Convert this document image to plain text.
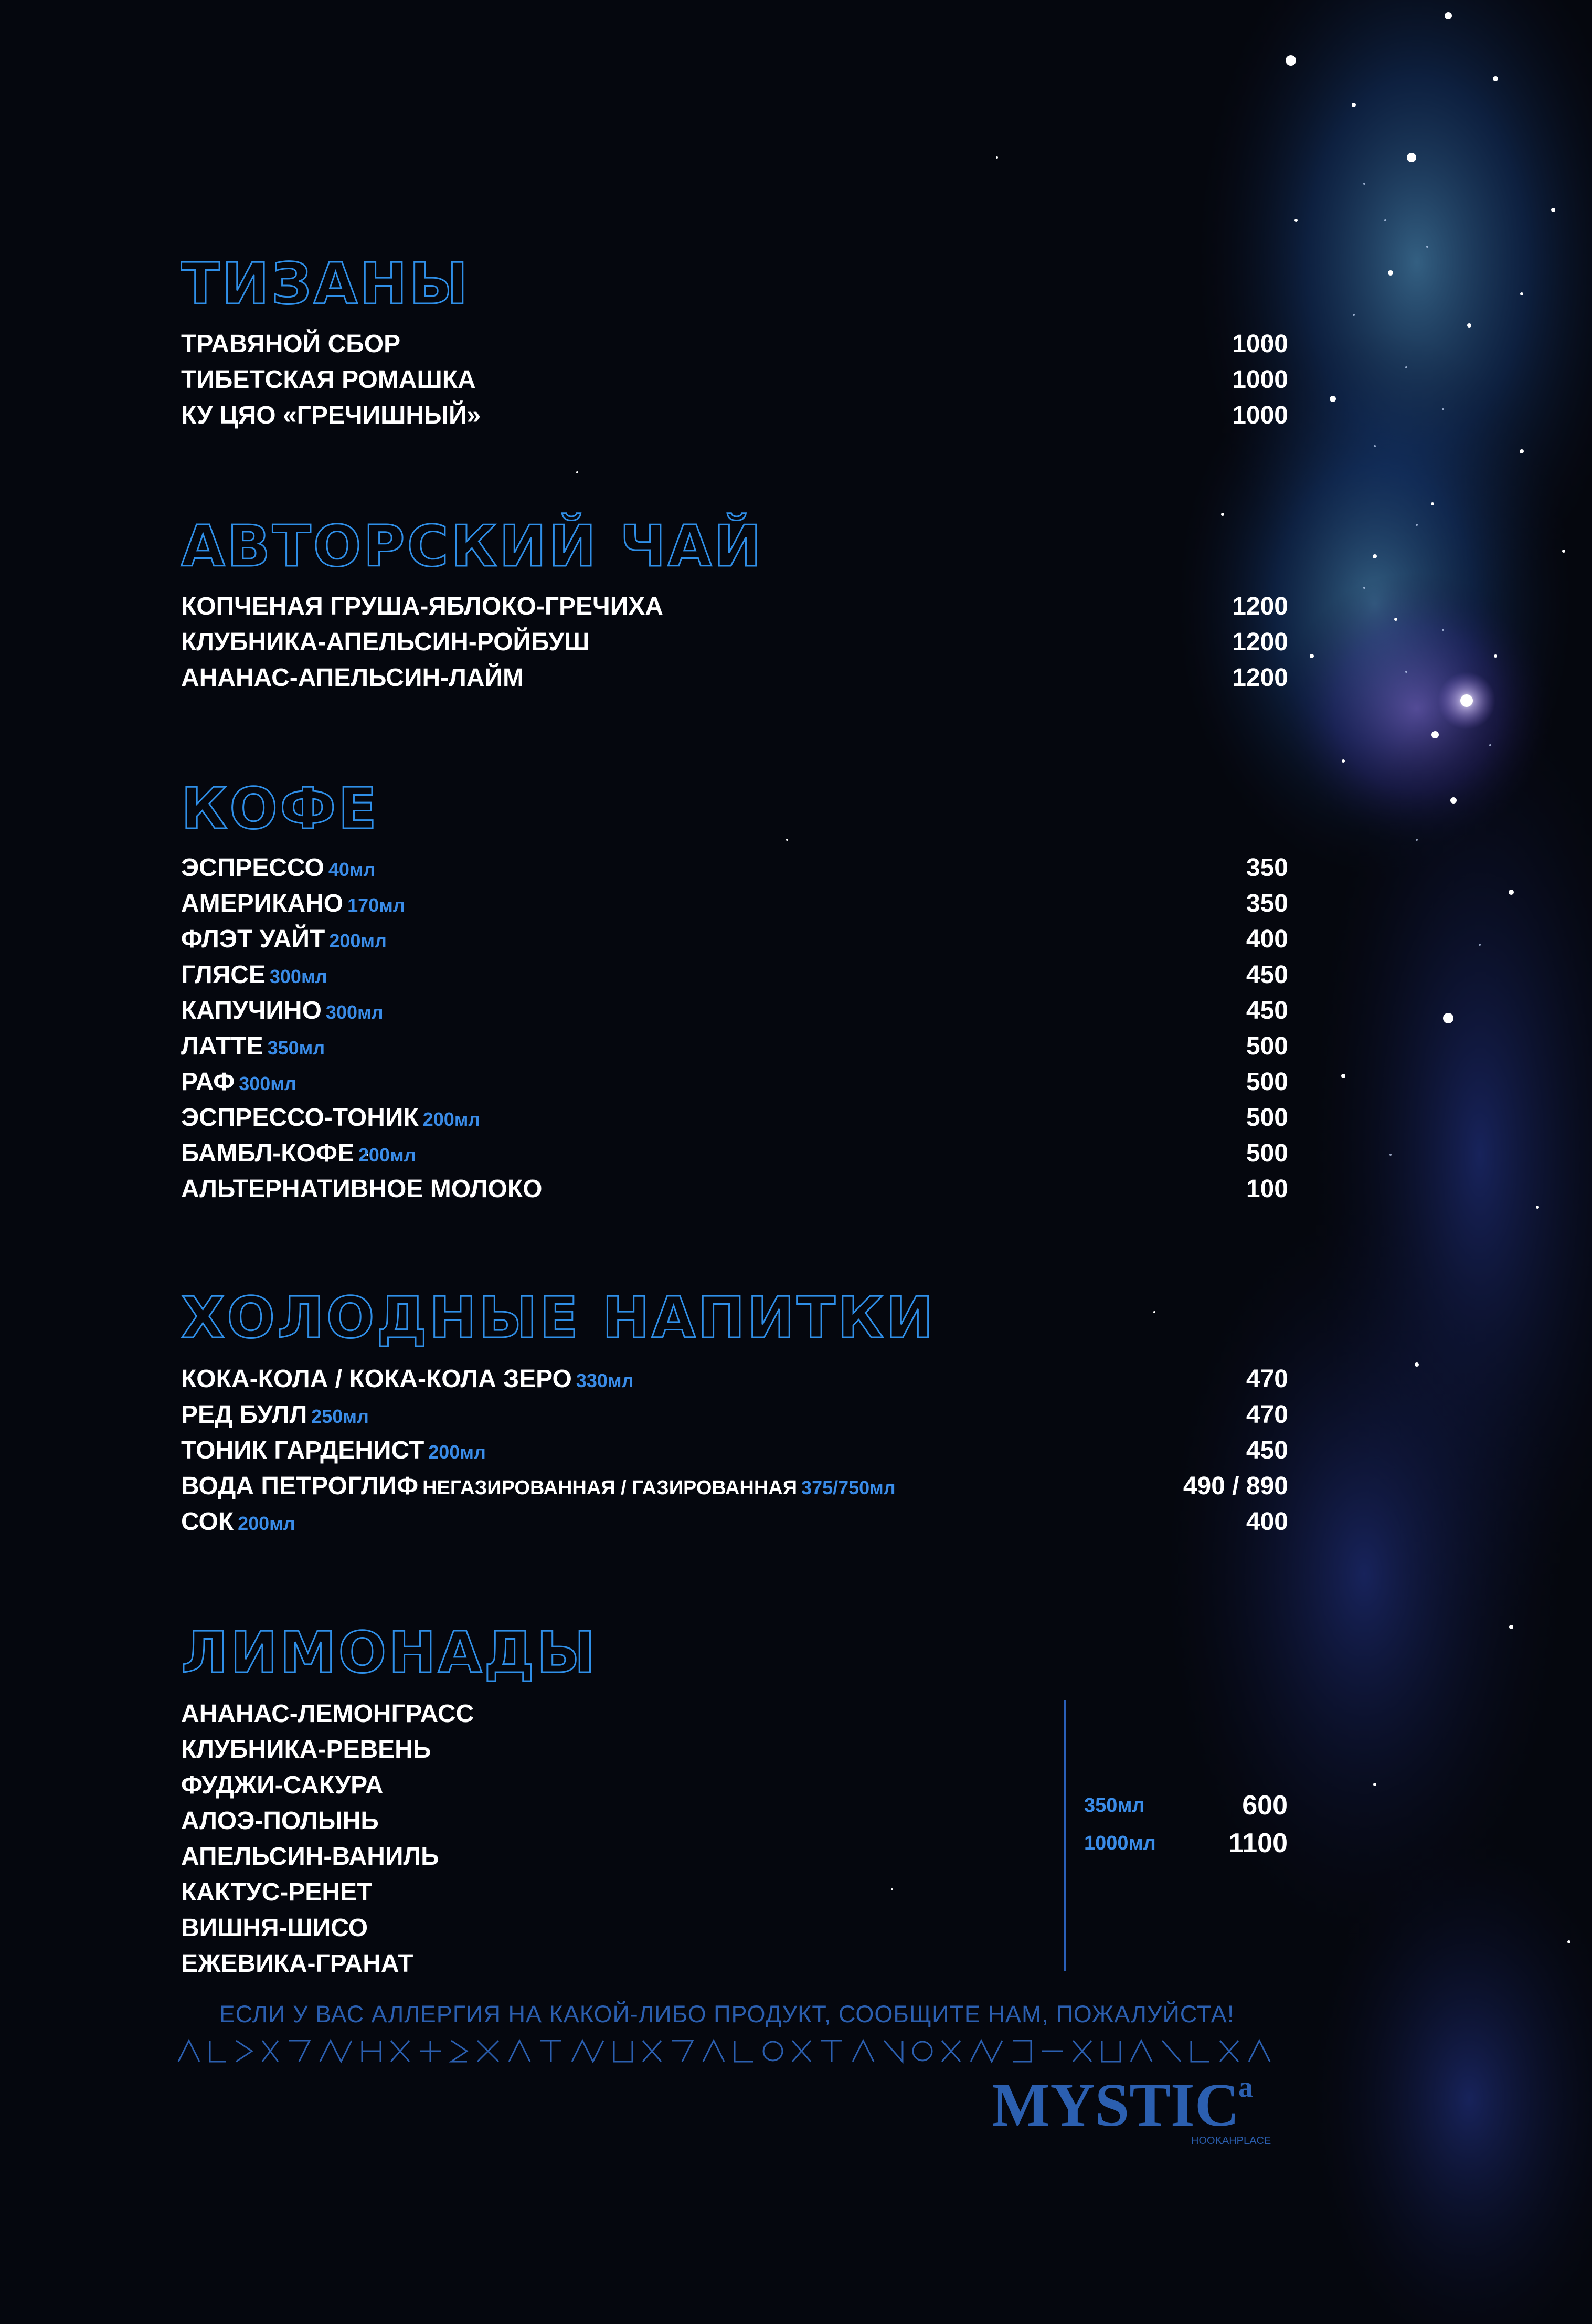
ТИЗАНЫ
ТРАВЯНОЙ СБОР	1000
ТИБЕТСКАЯ РОМАШКА	1000
КУ ЦЯО «ГРЕЧИШНЫЙ»	1000
АВТОРСКИЙ ЧАЙ
КОПЧЕНАЯ ГРУША-ЯБЛОКО-ГРЕЧИХА	1200
КЛУБНИКА-АПЕЛЬСИН-РОЙБУШ	1200
АНАНАС-АПЕЛЬСИН-ЛАЙМ	1200
КОФЕ
ЭСПРЕССО 40мл	350
АМЕРИКАНО 170мл	350
ФЛЭТ УАЙТ 200мл	400
ГЛЯСЕ 300мл	450
КАПУЧИНО 300мл	450
ЛАТТЕ 350мл	500
РАФ 300мл	500
ЭСПРЕССО-ТОНИК 200мл	500
БАМБЛ-КОФЕ 200мл	500
АЛЬТЕРНАТИВНОЕ МОЛОКО	100
ХОЛОДНЫЕ НАПИТКИ
КОКА-КОЛА / КОКА-КОЛА ЗЕРО 330мл	470
РЕД БУЛЛ 250мл	470
ТОНИК ГАРДЕНИСТ 200мл	450
ВОДА ПЕТРОГЛИФ НЕГАЗИРОВАННАЯ / ГАЗИРОВАННАЯ 375/750мл	490 / 890
СОК 200мл	400
ЛИМОНАДЫ
АНАНАС-ЛЕМОНГРАСС
КЛУБНИКА-РЕВЕНЬ
ФУДЖИ-САКУРА
АЛОЭ-ПОЛЫНЬ
АПЕЛЬСИН-ВАНИЛЬ
КАКТУС-РЕНЕТ
ВИШНЯ-ШИСО
ЕЖЕВИКА-ГРАНАТ
350мл	600
1000мл	1100
ЕСЛИ У ВАС АЛЛЕРГИЯ НА КАКОЙ-ЛИБО ПРОДУКТ, СООБЩИТЕ НАМ, ПОЖАЛУЙСТА!
MYSTIC
a
HOOKAHPLACE
